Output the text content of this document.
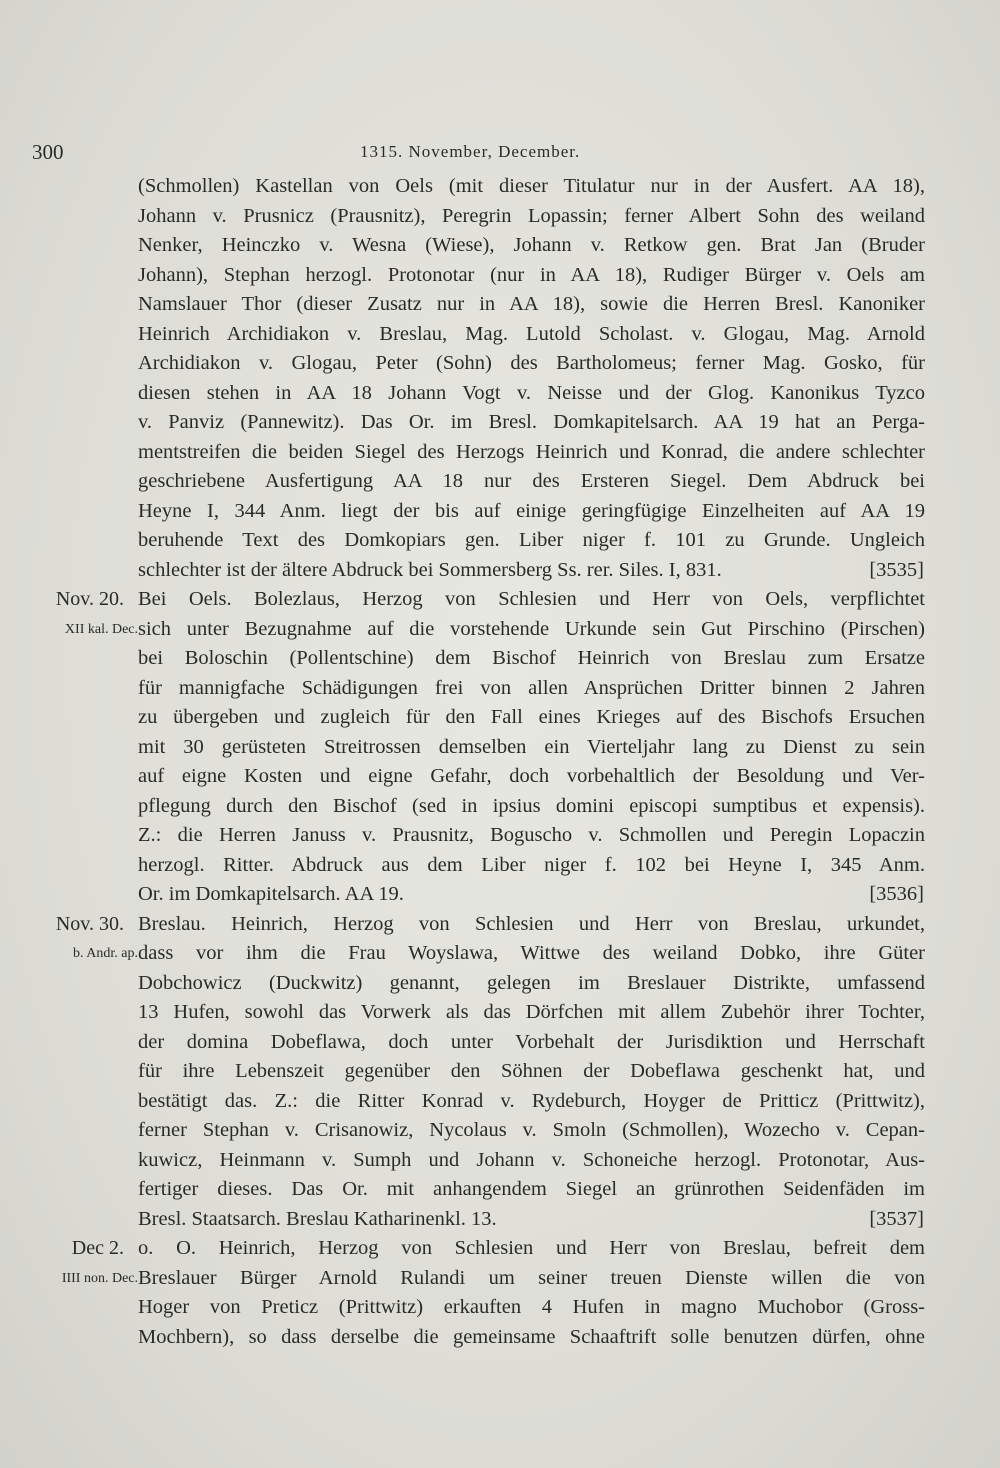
300	1315. November, December.
(Schmollen) Kastellan von Oels (mit dieser Titulatur nur in der Ausfert. AA 18),
Johann v. Prusnicz (Prausnitz), Peregrin Lopassin; ferner Albert Sohn des weiland
Nenker, Heinczko v. Wesna (Wiese), Johann v. Retkow gen. Brat Jan (Bruder
Johann), Stephan herzogl. Protonotar (nur in AA 18), Rudiger Bürger v. Oels am
Namslauer Thor (dieser Zusatz nur in AA 18), sowie die Herren Bresl. Kanoniker
Heinrich Archidiakon v. Breslau, Mag. Lutold Scholast. v. Glogau, Mag. Arnold
Archidiakon v. Glogau, Peter (Sohn) des Bartholomeus; ferner Mag. Gosko, für
diesen stehen in AA 18 Johann Vogt v. Neisse und der Glog. Kanonikus Tyzco
v. Panviz (Pannewitz). Das Or. im Bresl. Domkapitelsarch. AA 19 hat an Perga-
mentstreifen die beiden Siegel des Herzogs Heinrich und Konrad, die andere schlechter
geschriebene Ausfertigung AA 18 nur des Ersteren Siegel. Dem Abdruck bei
Heyne I, 344 Anm. liegt der bis auf einige geringfügige Einzelheiten auf AA 19
beruhende Text des Domkopiars gen. Liber niger f. 101 zu Grunde. Ungleich
schlechter ist der ältere Abdruck bei Sommersberg Ss. rer. Siles. I, 831.	[3535]
Nov. 20. Bei Oels. Bolezlaus, Herzog von Schlesien und Herr von Oels, verpflichtet
XII kal. Dec. sich unter Bezugnahme auf die vorstehende Urkunde sein Gut Pirschino (Pirschen)
bei Boloschin (Pollentschine) dem Bischof Heinrich von Breslau zum Ersatze
für mannigfache Schädigungen frei von allen Ansprüchen Dritter binnen 2 Jahren
zu übergeben und zugleich für den Fall eines Krieges auf des Bischofs Ersuchen
mit 30 gerüsteten Streitrossen demselben ein Vierteljahr lang zu Dienst zu sein
auf eigne Kosten und eigne Gefahr, doch vorbehaltlich der Besoldung und Ver-
pflegung durch den Bischof (sed in ipsius domini episcopi sumptibus et expensis).
Z.: die Herren Januss v. Prausnitz, Boguscho v. Schmollen und Peregin Lopaczin
herzogl. Ritter. Abdruck aus dem Liber niger f. 102 bei Heyne I, 345 Anm.
Or. im Domkapitelsarch. AA 19.	[3536]
Nov. 30. Breslau. Heinrich, Herzog von Schlesien und Herr von Breslau, urkundet,
b. Andr. ap. dass vor ihm die Frau Woyslawa, Wittwe des weiland Dobko, ihre Güter
Dobchowicz (Duckwitz) genannt, gelegen im Breslauer Distrikte, umfassend
13 Hufen, sowohl das Vorwerk als das Dörfchen mit allem Zubehör ihrer Tochter,
der domina Dobeflawa, doch unter Vorbehalt der Jurisdiktion und Herrschaft
für ihre Lebenszeit gegenüber den Söhnen der Dobeflawa geschenkt hat, und
bestätigt das. Z.: die Ritter Konrad v. Rydeburch, Hoyger de Pritticz (Prittwitz),
ferner Stephan v. Crisanowiz, Nycolaus v. Smoln (Schmollen), Wozecho v. Cepan-
kuwicz, Heinmann v. Sumph und Johann v. Schoneiche herzogl. Protonotar, Aus-
fertiger dieses. Das Or. mit anhangendem Siegel an grünrothen Seidenfäden im
Bresl. Staatsarch. Breslau Katharinenkl. 13.	[3537]
Dec 2. o. O. Heinrich, Herzog von Schlesien und Herr von Breslau, befreit dem
IIII non. Dec. Breslauer Bürger Arnold Rulandi um seiner treuen Dienste willen die von
Hoger von Preticz (Prittwitz) erkauften 4 Hufen in magno Muchobor (Gross-
Mochbern), so dass derselbe die gemeinsame Schaaftrift solle benutzen dürfen, ohne
